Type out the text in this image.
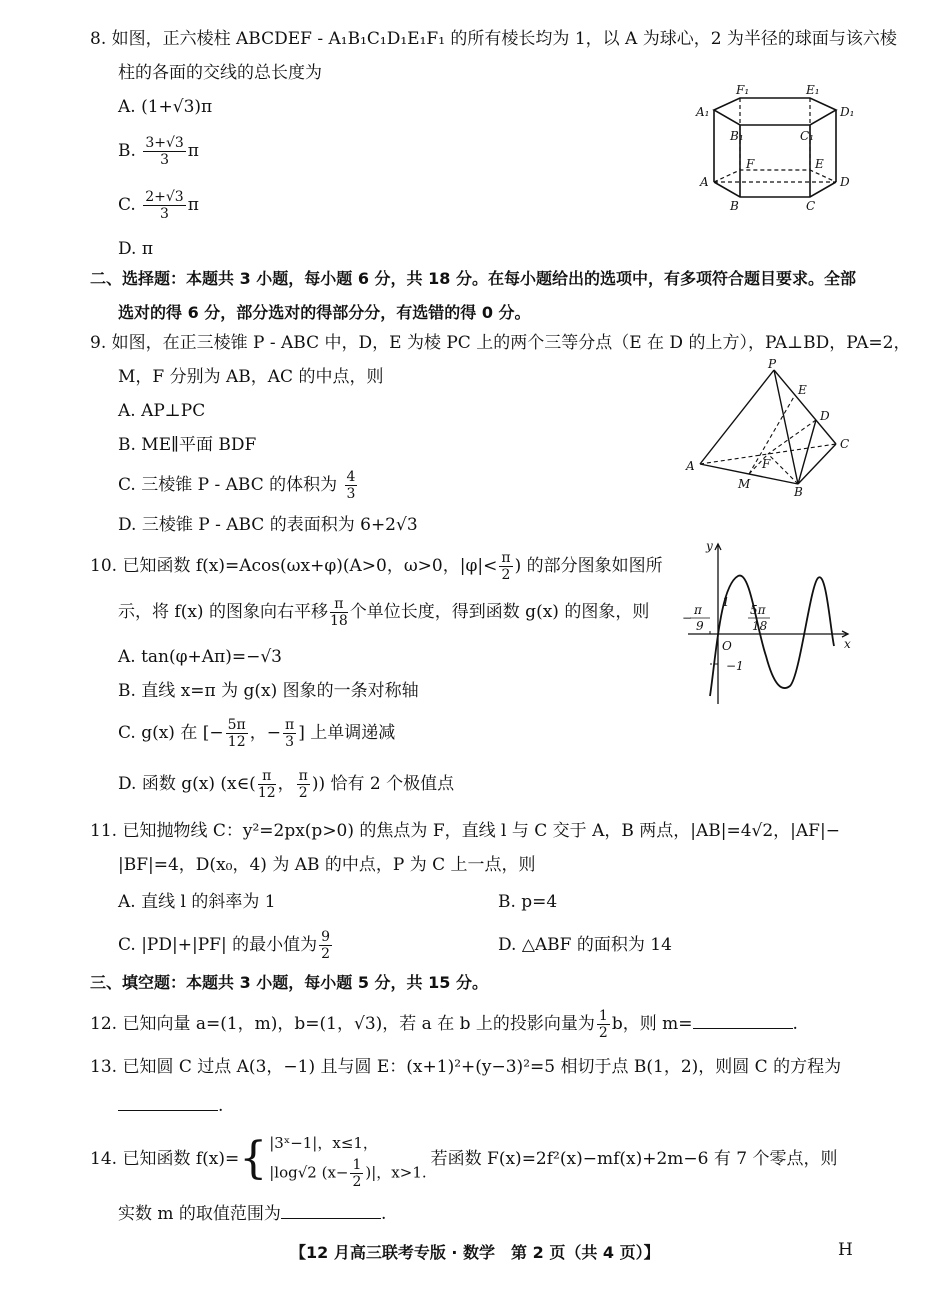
8. 如图，正六棱柱 ABCDEF - A₁B₁C₁D₁E₁F₁ 的所有棱长均为 1，以 A 为球心，2 为半径的球面与该六棱
柱的各面的交线的总长度为
A. (1+√3)π
B. $\frac{3+√3}{3}$ π
C. $\frac{2+√3}{3}$ π
D. π
A₁
F₁	E₁
D₁
B₁	C₁
F	E
A	D
B	C
二、选择题：本题共 3 小题，每小题 6 分，共 18 分。在每小题给出的选项中，有多项符合题目要求。全部
选对的得 6 分，部分选对的得部分分，有选错的得 0 分。
9. 如图，在正三棱锥 P - ABC 中，D，E 为棱 PC 上的两个三等分点（E 在 D 的上方），PA⊥BD，PA=2，
M，F 分别为 AB，AC 的中点，则
A. AP⊥PC
B. ME∥平面 BDF
C. 三棱锥 P - ABC 的体积为 $\frac{4}{3}$
D. 三棱锥 P - ABC 的表面积为 6+2√3
P
E
D
C
A	F
M
B
10. 已知函数 f(x)=Acos(ωx+φ)(A>0，ω>0，$|\varphi|< \frac{\pi}{2}$ ) 的部分图象如图所
示，将 f(x) 的图象向右平移 $\frac{\pi}{18}$ 个单位长度，得到函数 g(x) 的图象，则
A. tan(φ+Aπ)=−√3
B. 直线 x=π 为 g(x) 图象的一条对称轴
C. g(x) 在 [− $\frac{5\pi}{12}$ ，− $\frac{\pi}{3}$ ] 上单调递减
D. 函数 g(x) (x∈( $\frac{\pi}{12}$ ， $\frac{\pi}{2}$ )) 恰有 2 个极值点
y
x
O
π
−
9
5π
18
1
−1
11. 已知抛物线 C：y²=2px(p>0) 的焦点为 F，直线 l 与 C 交于 A，B 两点，|AB|=4√2，|AF|−
|BF|=4，D(x₀，4) 为 AB 的中点，P 为 C 上一点，则
A. 直线 l 的斜率为 1	B. p=4
C. |PD|+|PF| 的最小值为 $\frac{9}{2}$	D. △ABF 的面积为 14
三、填空题：本题共 3 小题，每小题 5 分，共 15 分。
12. 已知向量 a=(1，m)，b=(1，√3)，若 a 在 b 上的投影向量为 $\frac{1}{2}$ b，则 m=	.
13. 已知圆 C 过点 A(3，−1) 且与圆 E：(x+1)²+(y−3)²=5 相切于点 B(1，2)，则圆 C 的方程为
.
14. 已知函数 f(x)= { |3ˣ−1|，x≤1，
|log√2 ($x- \frac{1}{2}$ )|，x>1.
若函数 F(x)=2f²(x)−mf(x)+2m−6 有 7 个零点，则
实数 m 的取值范围为	.
【12 月高三联考专版 · 数学　第 2 页（共 4 页）】	H
